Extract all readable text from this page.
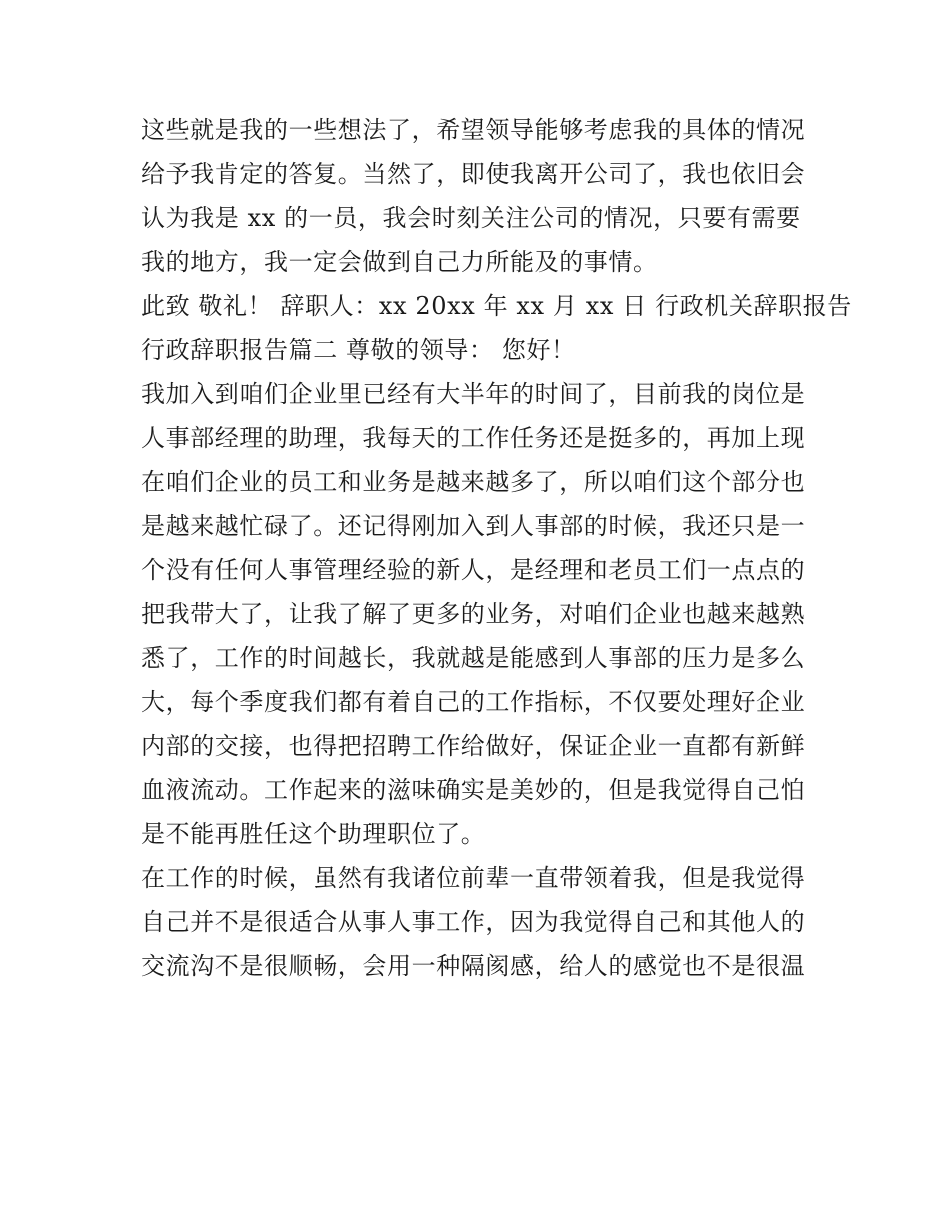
这些就是我的一些想法了，希望领导能够考虑我的具体的情况
给予我肯定的答复。当然了，即使我离开公司了，我也依旧会
认为我是 xx 的一员，我会时刻关注公司的情况，只要有需要
我的地方，我一定会做到自己力所能及的事情。
此致 敬礼！ 辞职人：xx 20xx 年 xx 月 xx 日 行政机关辞职报告
行政辞职报告篇二 尊敬的领导： 您好！
我加入到咱们企业里已经有大半年的时间了，目前我的岗位是
人事部经理的助理，我每天的工作任务还是挺多的，再加上现
在咱们企业的员工和业务是越来越多了，所以咱们这个部分也
是越来越忙碌了。还记得刚加入到人事部的时候，我还只是一
个没有任何人事管理经验的新人，是经理和老员工们一点点的
把我带大了，让我了解了更多的业务，对咱们企业也越来越熟
悉了，工作的时间越长，我就越是能感到人事部的压力是多么
大，每个季度我们都有着自己的工作指标，不仅要处理好企业
内部的交接，也得把招聘工作给做好，保证企业一直都有新鲜
血液流动。工作起来的滋味确实是美妙的，但是我觉得自己怕
是不能再胜任这个助理职位了。
在工作的时候，虽然有我诸位前辈一直带领着我，但是我觉得
自己并不是很适合从事人事工作，因为我觉得自己和其他人的
交流沟不是很顺畅，会用一种隔阂感，给人的感觉也不是很温
